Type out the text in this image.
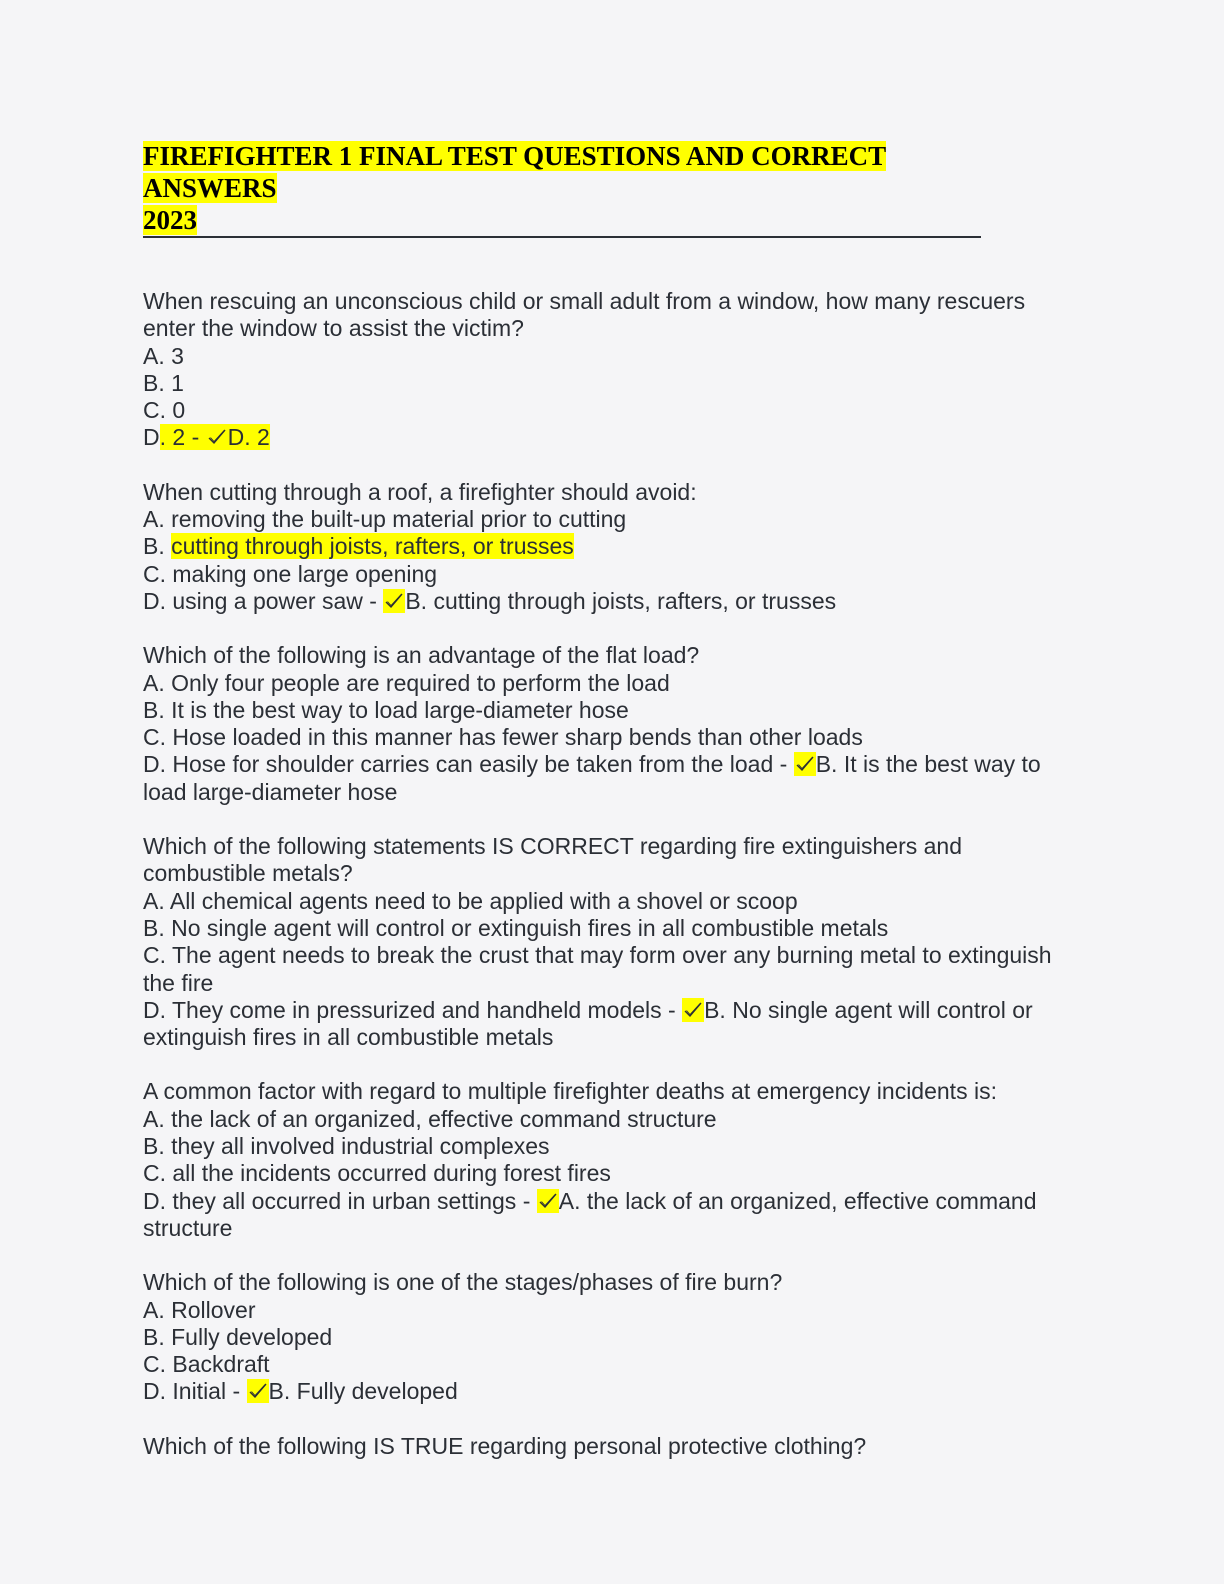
FIREFIGHTER 1 FINAL TEST QUESTIONS AND CORRECT ANSWERS
2023
When rescuing an unconscious child or small adult from a window, how many rescuers enter the window to assist the victim?
A. 3
B. 1
C. 0
D. 2 -
D. 2
When cutting through a roof, a firefighter should avoid:
A. removing the built-up material prior to cutting
B. cutting through joists, rafters, or trusses
C. making one large opening
D. using a power saw -
B. cutting through joists, rafters, or trusses
Which of the following is an advantage of the flat load?
A. Only four people are required to perform the load
B. It is the best way to load large-diameter hose
C. Hose loaded in this manner has fewer sharp bends than other loads
D. Hose for shoulder carries can easily be taken from the load -
B. It is the best way to load large-diameter hose
Which of the following statements IS CORRECT regarding fire extinguishers and combustible metals?
A. All chemical agents need to be applied with a shovel or scoop
B. No single agent will control or extinguish fires in all combustible metals
C. The agent needs to break the crust that may form over any burning metal to extinguish the fire
D. They come in pressurized and handheld models -
B. No single agent will control or extinguish fires in all combustible metals
A common factor with regard to multiple firefighter deaths at emergency incidents is:
A. the lack of an organized, effective command structure
B. they all involved industrial complexes
C. all the incidents occurred during forest fires
D. they all occurred in urban settings -
A. the lack of an organized, effective command structure
Which of the following is one of the stages/phases of fire burn?
A. Rollover
B. Fully developed
C. Backdraft
D. Initial -
B. Fully developed
Which of the following IS TRUE regarding personal protective clothing?
